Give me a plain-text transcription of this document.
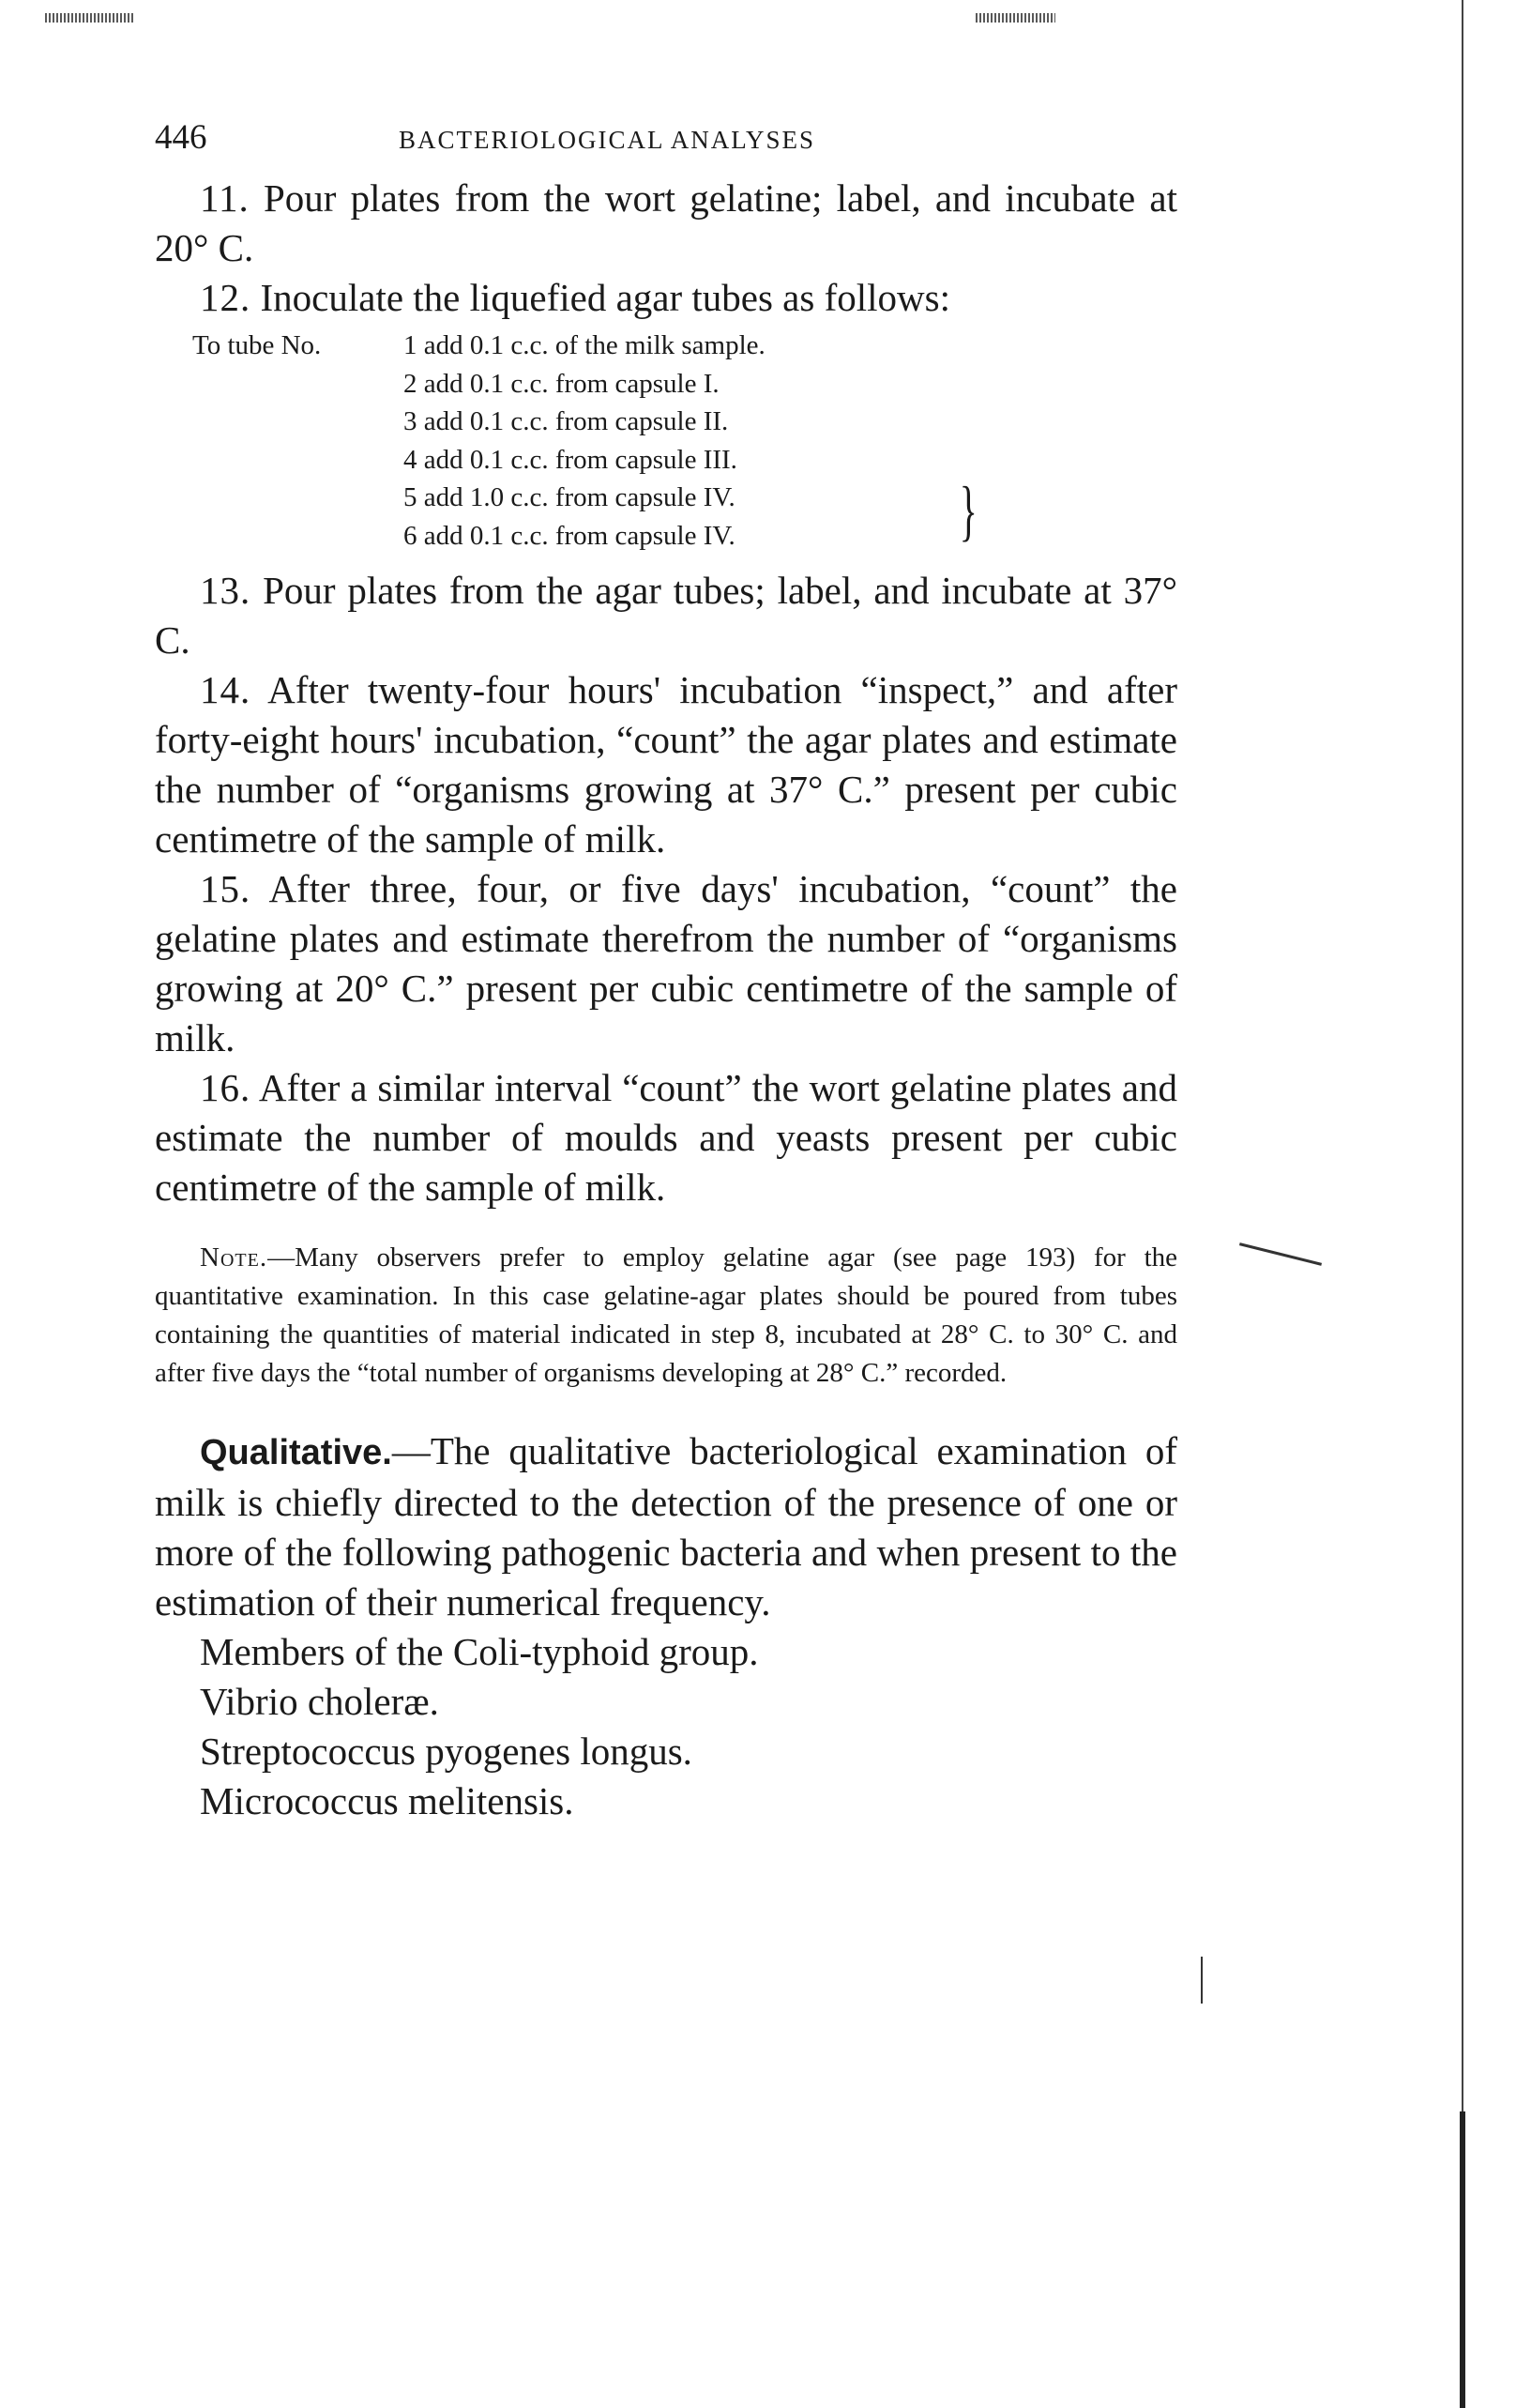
446	BACTERIOLOGICAL ANALYSES

11. Pour plates from the wort gelatine; label, and incubate at 20° C.

12. Inoculate the liquefied agar tubes as follows:

To tube No.	1 add 0.1 c.c. of the milk sample.
2 add 0.1 c.c. from capsule I.
3 add 0.1 c.c. from capsule II.
4 add 0.1 c.c. from capsule III.
5 add 1.0 c.c. from capsule IV.
6 add 0.1 c.c. from capsule IV.	}

13. Pour plates from the agar tubes; label, and incubate at 37° C.

14. After twenty-four hours' incubation “inspect,” and after forty-eight hours' incubation, “count” the agar plates and estimate the number of “organisms growing at 37° C.” present per cubic centimetre of the sample of milk.

15. After three, four, or five days' incubation, “count” the gelatine plates and estimate therefrom the number of “organisms growing at 20° C.” present per cubic centimetre of the sample of milk.

16. After a similar interval “count” the wort gelatine plates and estimate the number of moulds and yeasts present per cubic centimetre of the sample of milk.

Note.—Many observers prefer to employ gelatine agar (see page 193) for the quantitative examination. In this case gelatine-agar plates should be poured from tubes containing the quantities of material indicated in step 8, incubated at 28° C. to 30° C. and after five days the “total number of organisms developing at 28° C.” recorded.

Qualitative.—The qualitative bacteriological examination of milk is chiefly directed to the detection of the presence of one or more of the following pathogenic bacteria and when present to the estimation of their numerical frequency.

Members of the Coli-typhoid group.
Vibrio choleræ.
Streptococcus pyogenes longus.
Micrococcus melitensis.
